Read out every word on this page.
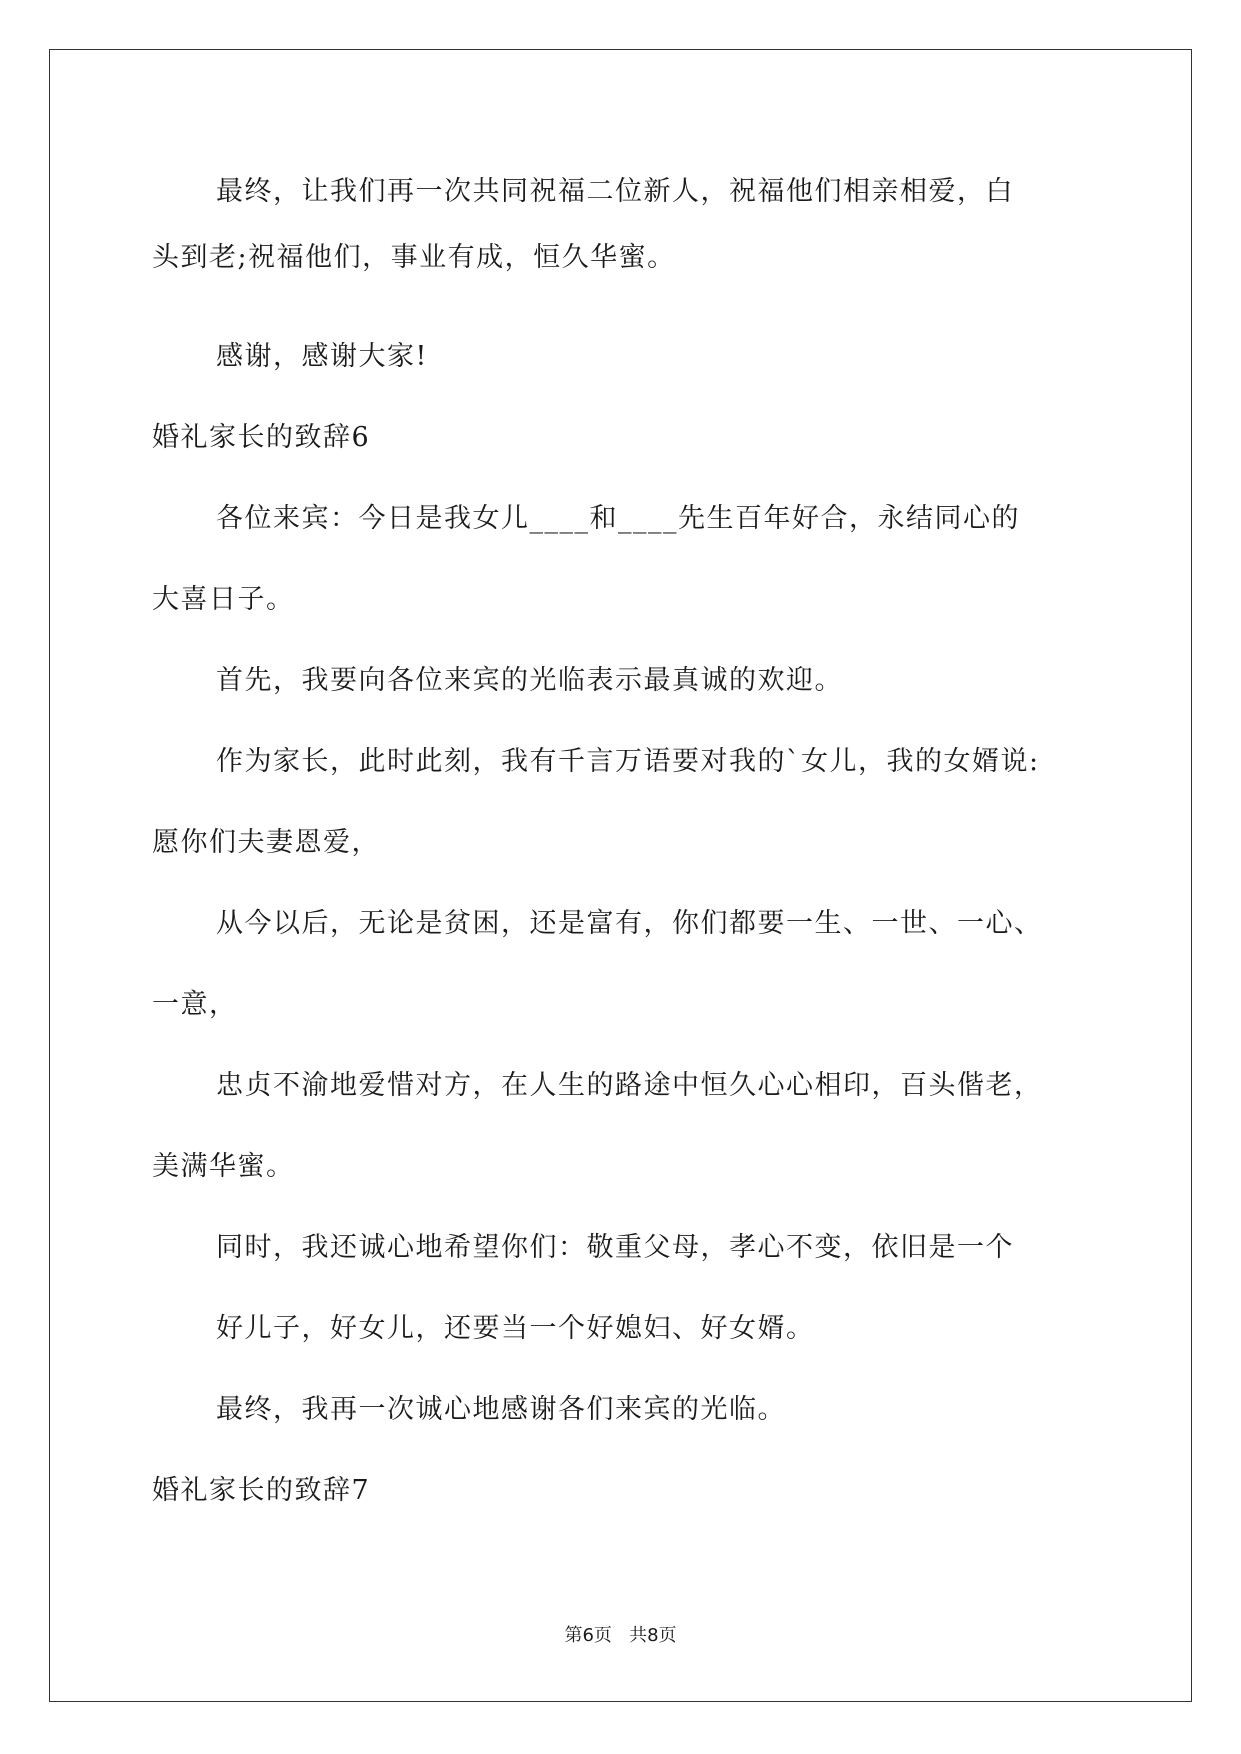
最终，让我们再一次共同祝福二位新人，祝福他们相亲相爱，白
头到老;祝福他们，事业有成，恒久华蜜。
感谢，感谢大家!
婚礼家长的致辞6
各位来宾：今日是我女儿____和____先生百年好合，永结同心的
大喜日子。
首先，我要向各位来宾的光临表示最真诚的欢迎。
作为家长，此时此刻，我有千言万语要对我的`女儿，我的女婿说:
愿你们夫妻恩爱，
从今以后，无论是贫困，还是富有，你们都要一生、一世、一心、
一意，
忠贞不渝地爱惜对方，在人生的路途中恒久心心相印，百头偕老，
美满华蜜。
同时，我还诚心地希望你们：敬重父母，孝心不变，依旧是一个
好儿子，好女儿，还要当一个好媳妇、好女婿。
最终，我再一次诚心地感谢各们来宾的光临。
婚礼家长的致辞7
第6页   共8页
